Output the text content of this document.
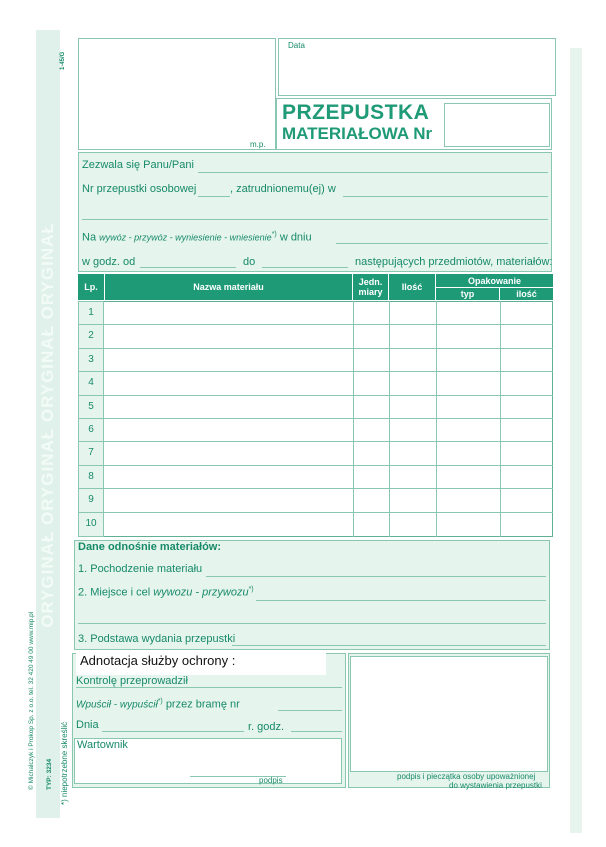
ORYGINAŁ ORYGINAŁ ORYGINAŁ ORYGINAŁ
1-45/G
© Michalczyk i Prokop Sp. z o.o. tel. 32 420 49 00 www.mip.pl TYP: 3234 *) niepotrzebne skreślić
m.p.
Data
PRZEPUSTKA
MATERIAŁOWA Nr
Zezwala się Panu/Pani
Nr przepustki osobowej	, zatrudnionemu(ej) w
Na wywóz - przywóz - wyniesienie - wniesienie*) w dniu
w godz. od	do	następujących przedmiotów, materiałów:
Lp.	Nazwa materiału	Jedn.
miary	Ilość
Opakowanie
typ	ilość
1
2
3
4
5
6
7
8
9
10
Dane odnośnie materiałów:
1. Pochodzenie materiału
2. Miejsce i cel wywozu - przywozu*)
3. Podstawa wydania przepustki
Adnotacja służby ochrony :
Kontrolę przeprowadził
Wpuścił - wypuścił*) przez bramę nr
Dnia	r. godz.
Wartownik
podpis	podpis i pieczątka osoby upoważnionej
do wystawienia przepustki
